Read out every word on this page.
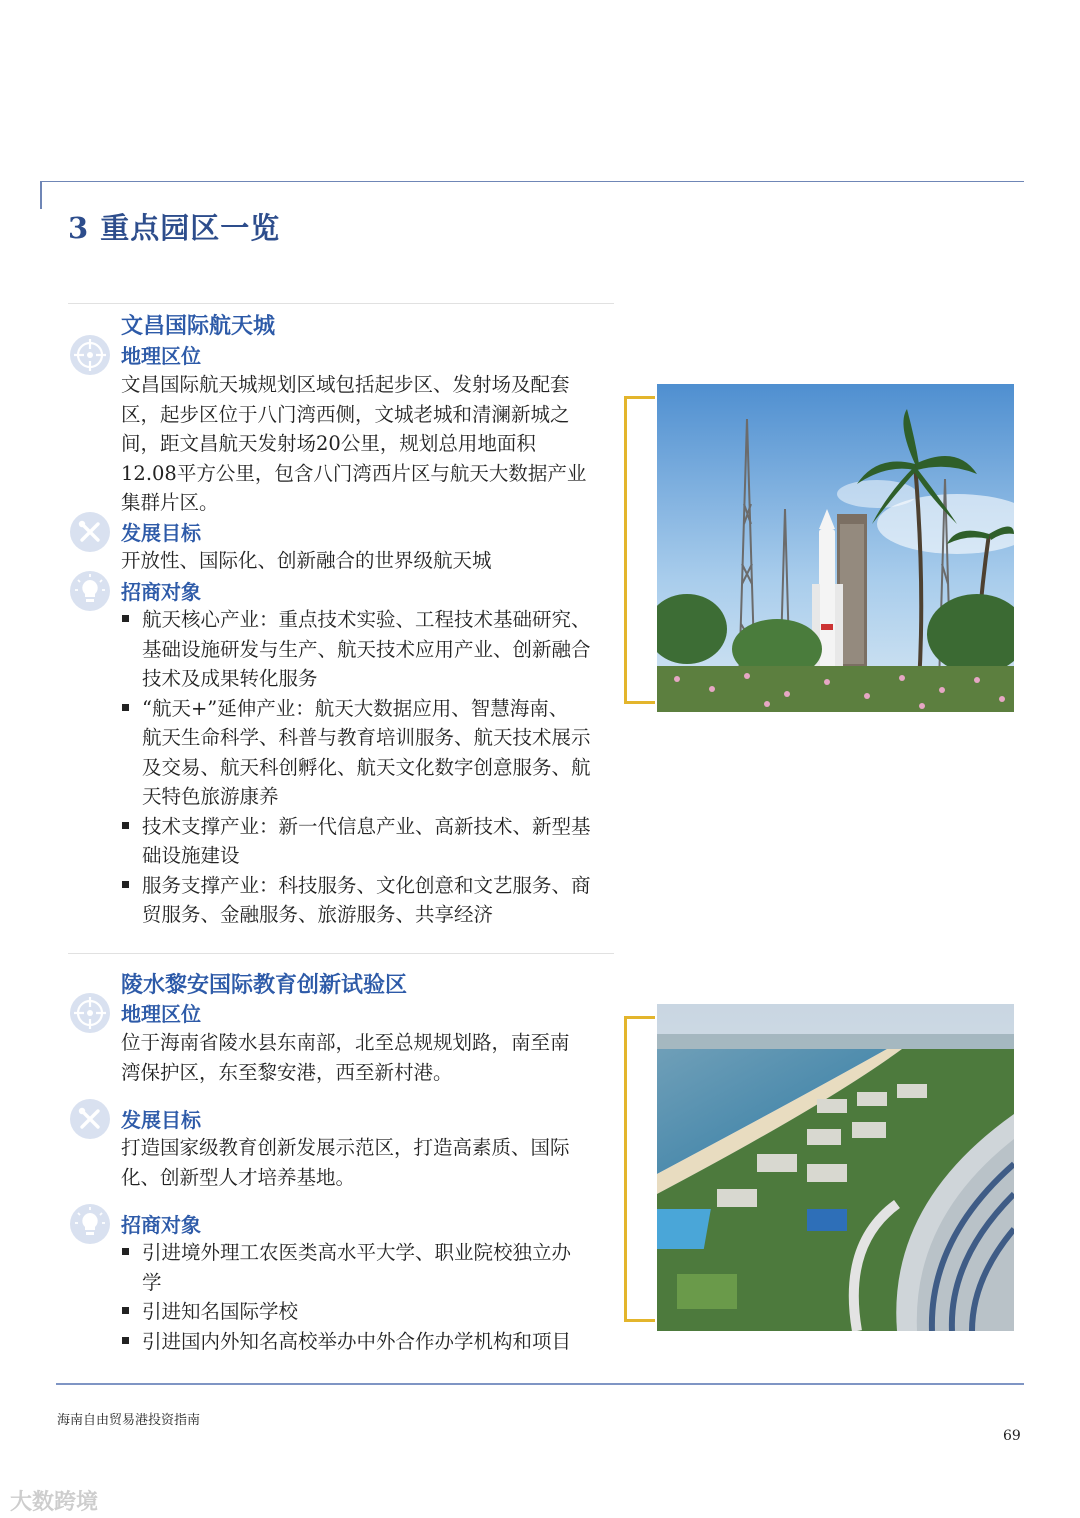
3 重点园区一览
文昌国际航天城
地理区位

文昌国际航天城规划区域包括起步区、发射场及配套

区，起步区位于八门湾西侧，文城老城和清澜新城之

间，距文昌航天发射场20公里，规划总用地面积

12.08平方公里，包含八门湾西片区与航天大数据产业

集群片区。

发展目标
开放性、国际化、创新融合的世界级航天城
招商对象
航天核心产业：重点技术实验、工程技术基础研究、
基础设施研发与生产、航天技术应用产业、创新融合
技术及成果转化服务
“航天+”延伸产业：航天大数据应用、智慧海南、
航天生命科学、科普与教育培训服务、航天技术展示
及交易、航天科创孵化、航天文化数字创意服务、航
天特色旅游康养
技术支撑产业：新一代信息产业、高新技术、新型基
础设施建设
服务支撑产业：科技服务、文化创意和文艺服务、商
贸服务、金融服务、旅游服务、共享经济
陵水黎安国际教育创新试验区
地理区位

位于海南省陵水县东南部，北至总规规划路，南至南

湾保护区，东至黎安港，西至新村港。

发展目标

打造国家级教育创新发展示范区，打造高素质、国际

化、创新型人才培养基地。

招商对象
引进境外理工农医类高水平大学、职业院校独立办
学
引进知名国际学校
引进国内外知名高校举办中外合作办学机构和项目
海南自由贸易港投资指南
69
大数跨境
